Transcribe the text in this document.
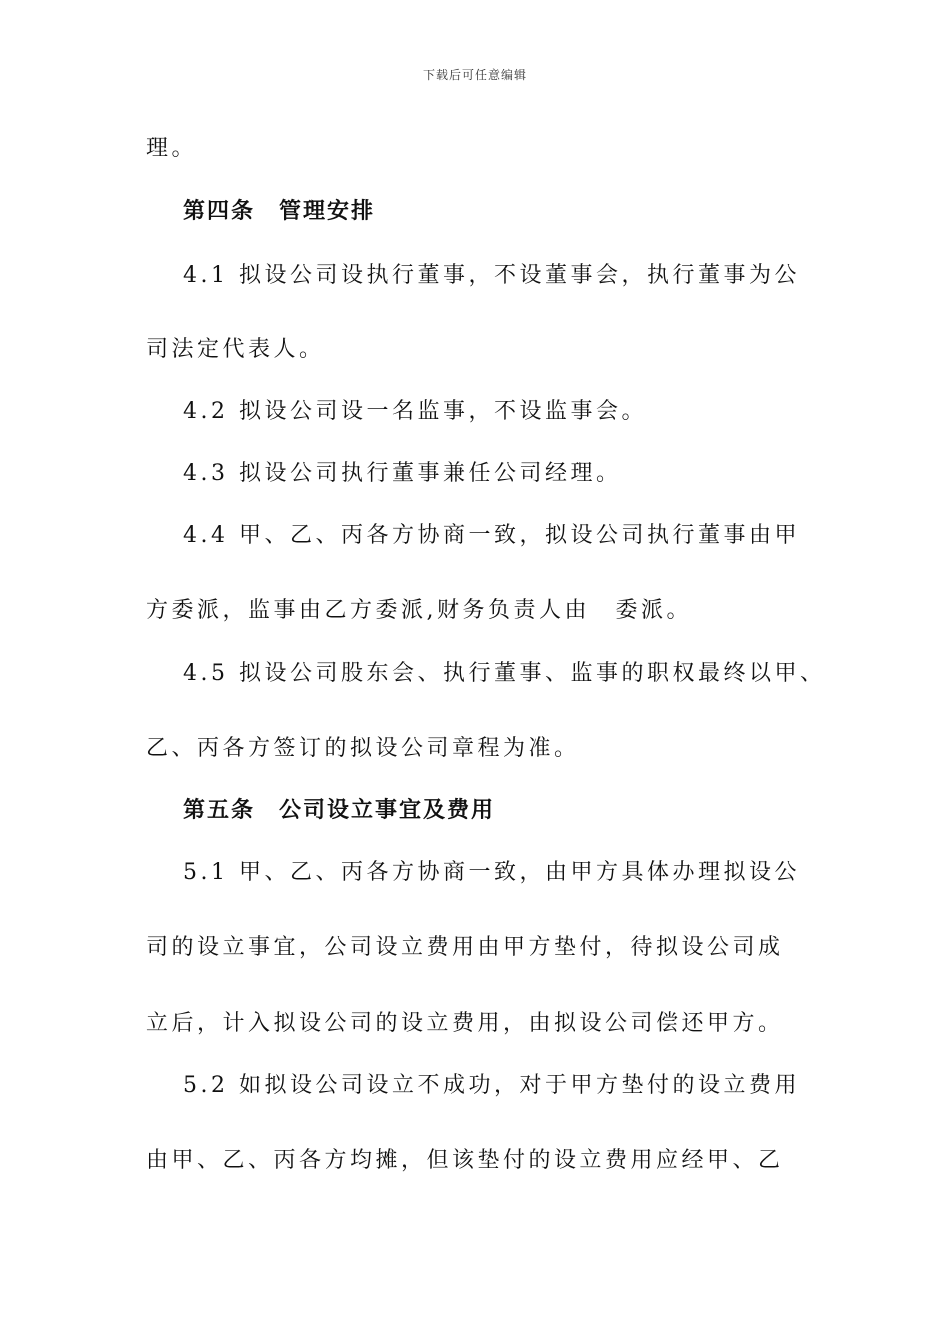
下载后可任意编辑
理。
第四条　管理安排
4.1 拟设公司设执行董事，不设董事会，执行董事为公
司法定代表人。
4.2 拟设公司设一名监事，不设监事会。
4.3 拟设公司执行董事兼任公司经理。
4.4 甲、乙、丙各方协商一致，拟设公司执行董事由甲
方委派，监事由乙方委派,财务负责人由　委派。
4.5 拟设公司股东会、执行董事、监事的职权最终以甲、
乙、丙各方签订的拟设公司章程为准。
第五条　公司设立事宜及费用
5.1 甲、乙、丙各方协商一致，由甲方具体办理拟设公
司的设立事宜，公司设立费用由甲方垫付，待拟设公司成
立后，计入拟设公司的设立费用，由拟设公司偿还甲方。
5.2 如拟设公司设立不成功，对于甲方垫付的设立费用
由甲、乙、丙各方均摊，但该垫付的设立费用应经甲、乙
